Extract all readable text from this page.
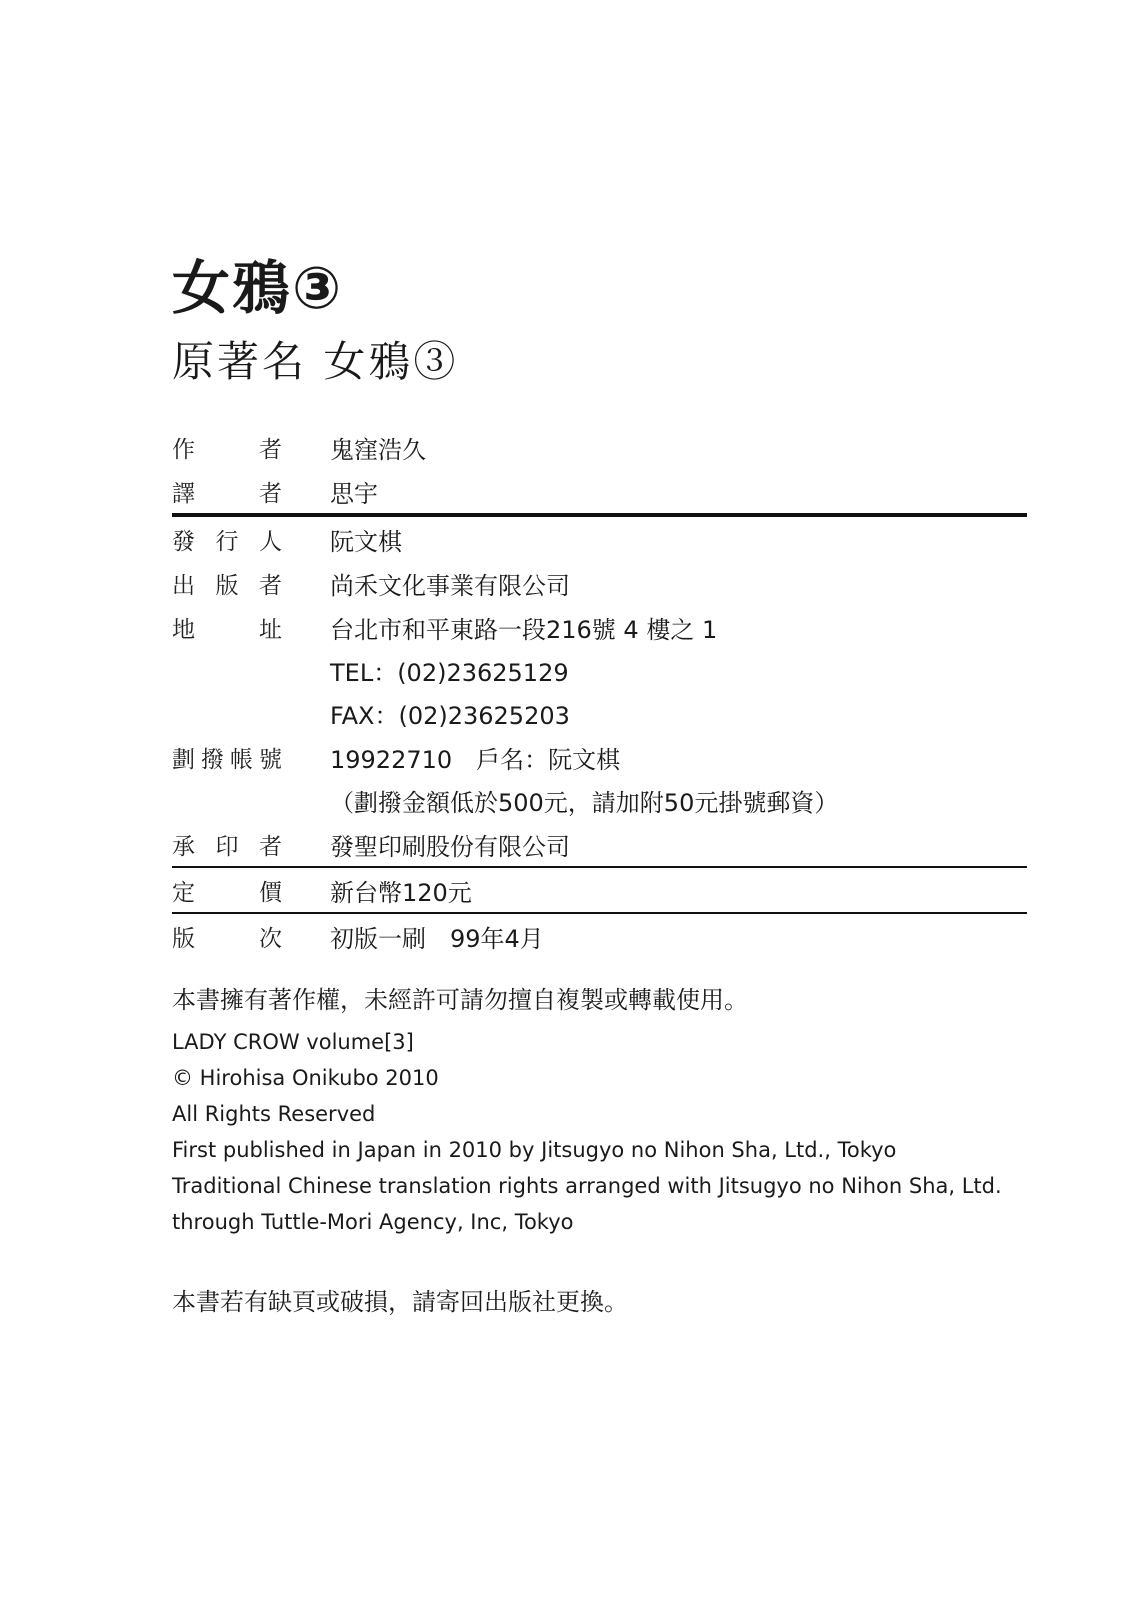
女鴉③
原著名 女鴉③
作者 鬼窪浩久
譯者 思宇
發行人 阮文棋
出版者 尚禾文化事業有限公司
地址 台北市和平東路一段216號 4 樓之 1
TEL：(02)23625129
FAX：(02)23625203
劃撥帳號 19922710　戶名：阮文棋
（劃撥金額低於500元，請加附50元掛號郵資）
承印者 發聖印刷股份有限公司
定價 新台幣120元
版次 初版一刷　99年4月
本書擁有著作權，未經許可請勿擅自複製或轉載使用。
LADY CROW volume[3]
© Hirohisa Onikubo 2010
All Rights Reserved
First published in Japan in 2010 by Jitsugyo no Nihon Sha, Ltd., Tokyo
Traditional Chinese translation rights arranged with Jitsugyo no Nihon Sha, Ltd.
through Tuttle-Mori Agency, Inc, Tokyo
本書若有缺頁或破損，請寄回出版社更換。
